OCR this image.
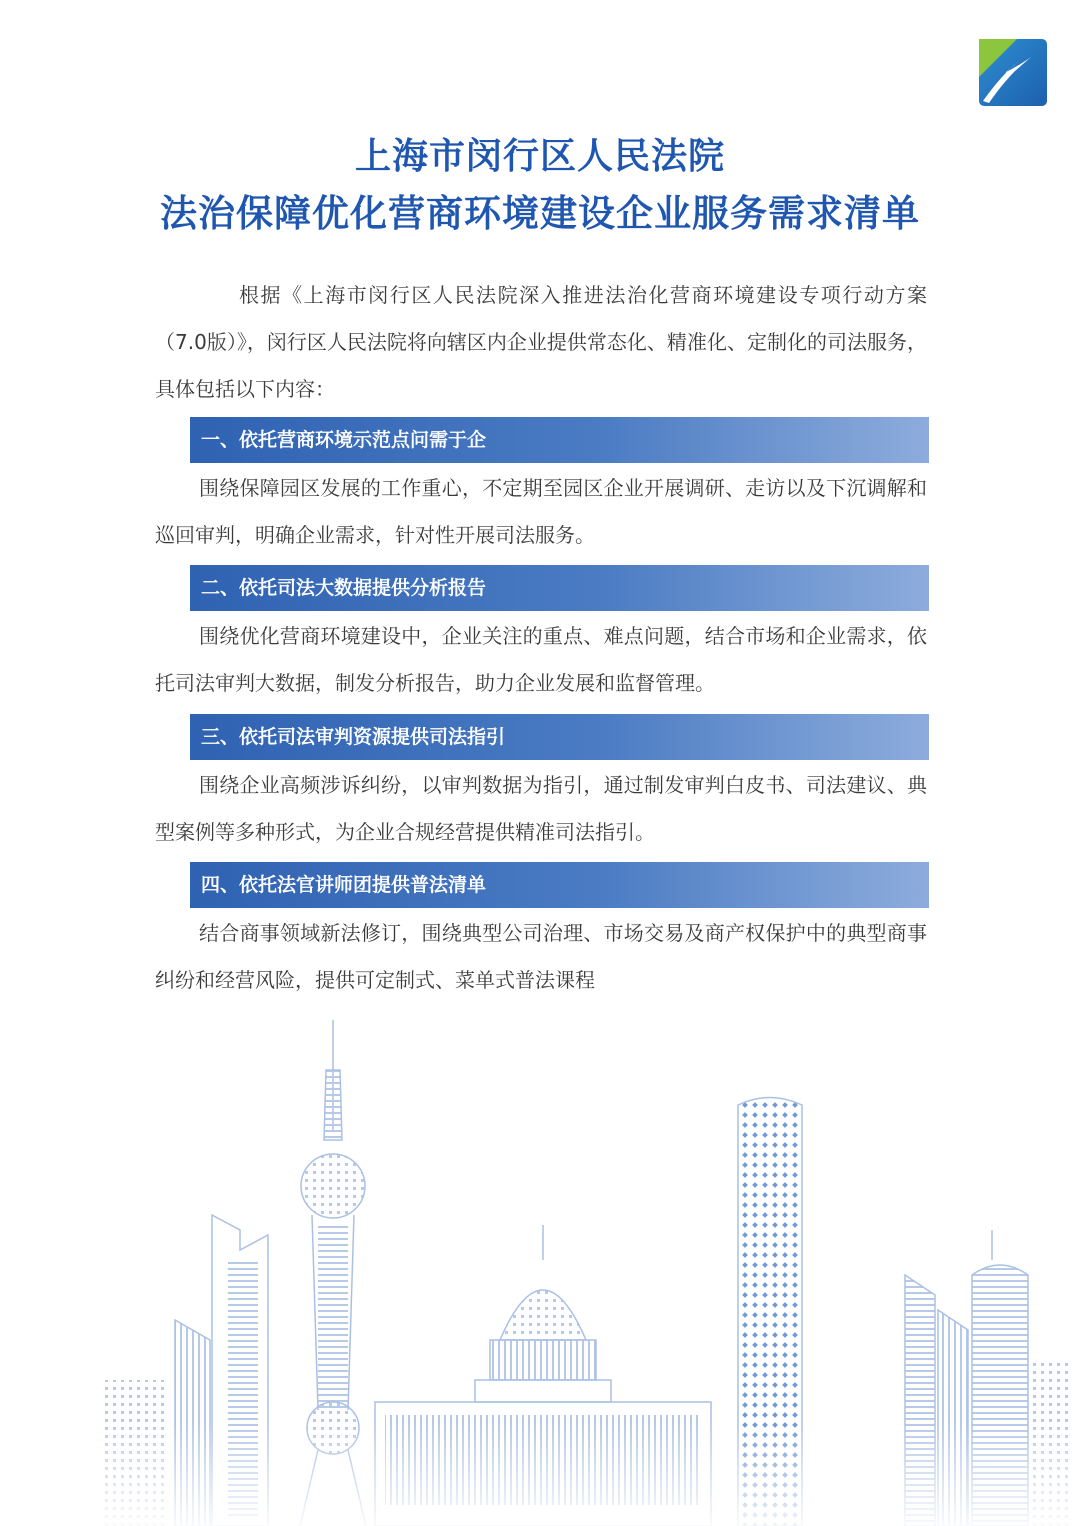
上海市闵行区人民法院
法治保障优化营商环境建设企业服务需求清单

根据《上海市闵行区人民法院深入推进法治化营商环境建设专项行动方案（7.0版）》，闵行区人民法院将向辖区内企业提供常态化、精准化、定制化的司法服务，具体包括以下内容：

一、依托营商环境示范点问需于企

围绕保障园区发展的工作重心，不定期至园区企业开展调研、走访以及下沉调解和巡回审判，明确企业需求，针对性开展司法服务。

二、依托司法大数据提供分析报告

围绕优化营商环境建设中，企业关注的重点、难点问题，结合市场和企业需求，依托司法审判大数据，制发分析报告，助力企业发展和监督管理。

三、依托司法审判资源提供司法指引

围绕企业高频涉诉纠纷，以审判数据为指引，通过制发审判白皮书、司法建议、典型案例等多种形式，为企业合规经营提供精准司法指引。

四、依托法官讲师团提供普法清单

结合商事领域新法修订，围绕典型公司治理、市场交易及商产权保护中的典型商事纠纷和经营风险，提供可定制式、菜单式普法课程
